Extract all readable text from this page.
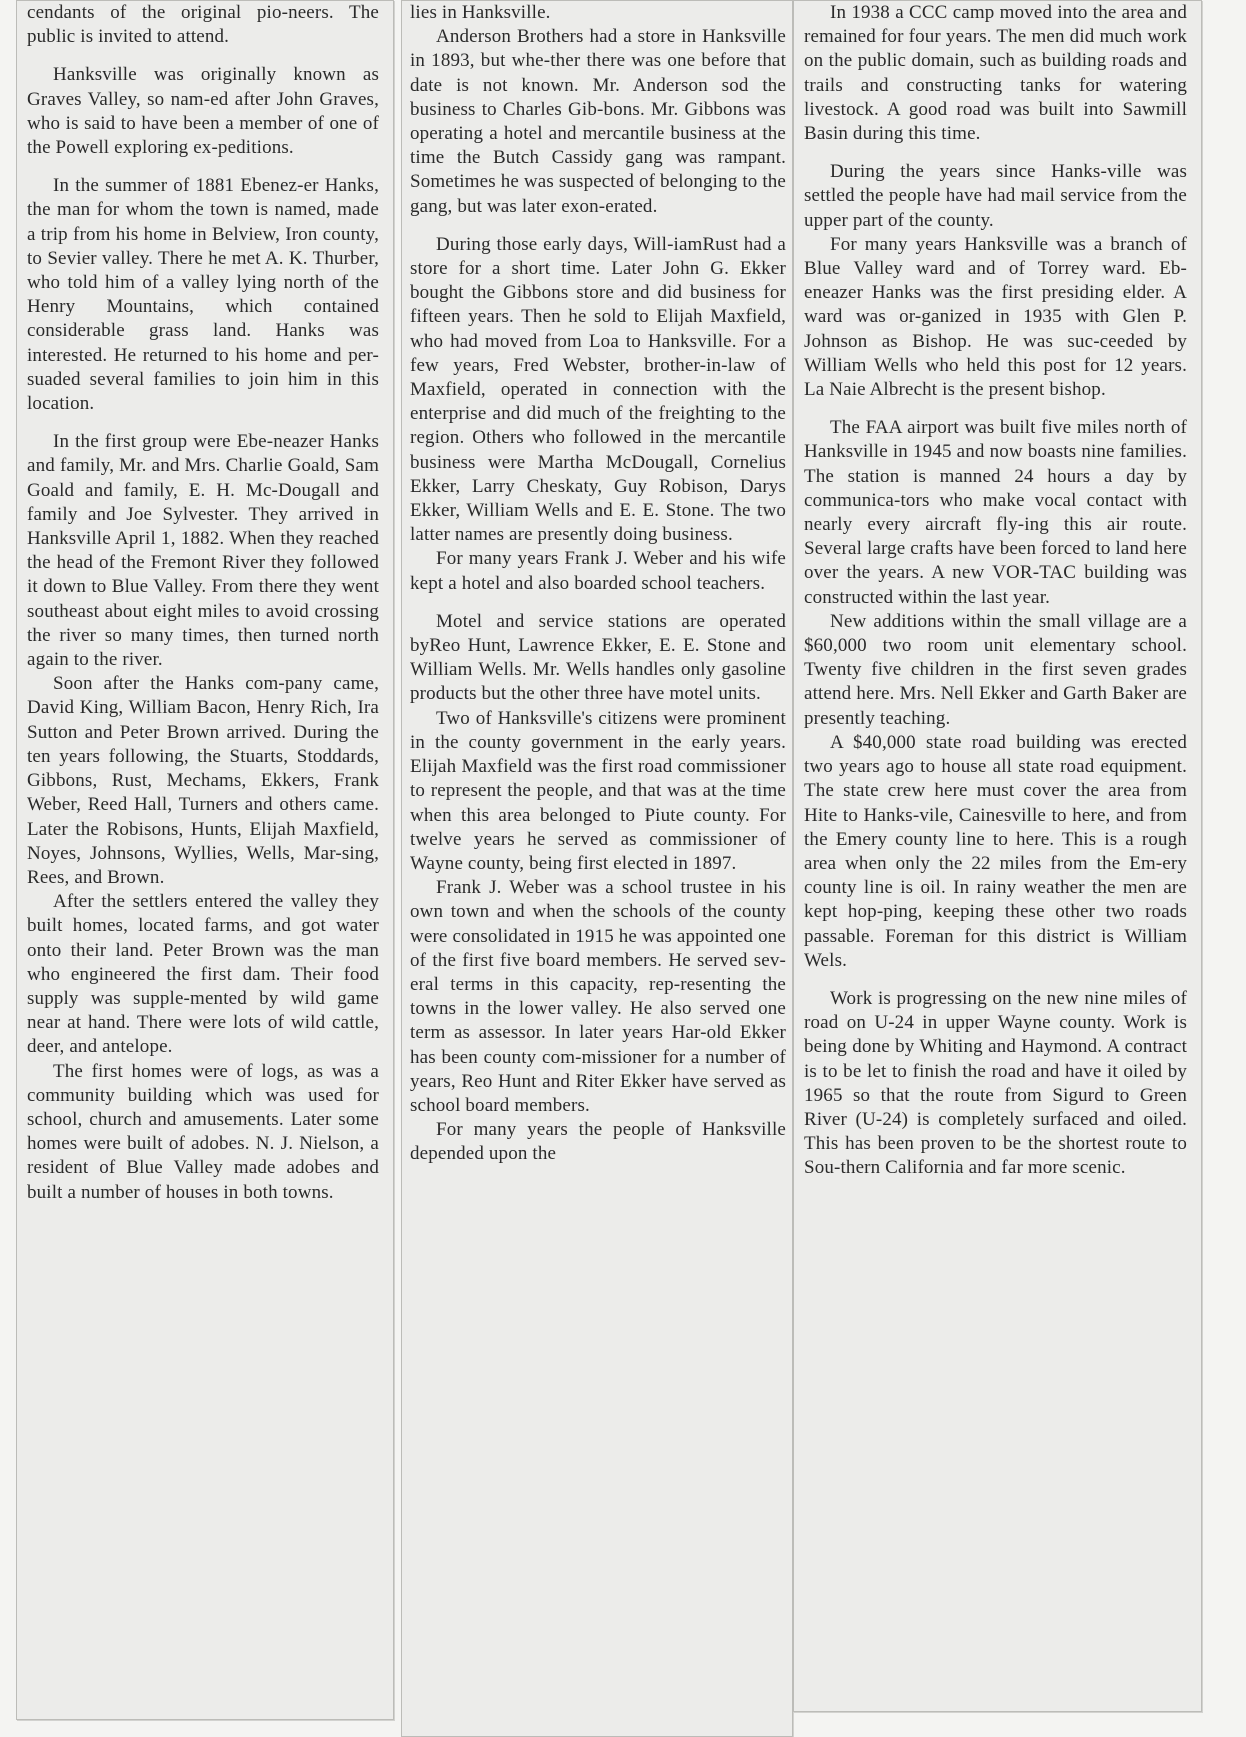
cendants of the original pio-neers. The public is invited to attend.

Hanksville was originally known as Graves Valley, so nam-ed after John Graves, who is said to have been a member of one of the Powell exploring ex-peditions.

In the summer of 1881 Ebenez-er Hanks, the man for whom the town is named, made a trip from his home in Belview, Iron county, to Sevier valley. There he met A. K. Thurber, who told him of a valley lying north of the Henry Mountains, which contained considerable grass land. Hanks was interested. He returned to his home and per-suaded several families to join him in this location.

In the first group were Ebe-neazer Hanks and family, Mr. and Mrs. Charlie Goald, Sam Goald and family, E. H. Mc-Dougall and family and Joe Sylvester. They arrived in Hanksville April 1, 1882. When they reached the head of the Fremont River they followed it down to Blue Valley. From there they went southeast about eight miles to avoid crossing the river so many times, then turned north again to the river.

Soon after the Hanks com-pany came, David King, William Bacon, Henry Rich, Ira Sutton and Peter Brown arrived. During the ten years following, the Stuarts, Stoddards, Gibbons, Rust, Mechams, Ekkers, Frank Weber, Reed Hall, Turners and others came. Later the Robisons, Hunts, Elijah Maxfield, Noyes, Johnsons, Wyllies, Wells, Mar-sing, Rees, and Brown.

After the settlers entered the valley they built homes, located farms, and got water onto their land. Peter Brown was the man who engineered the first dam. Their food supply was supple-mented by wild game near at hand. There were lots of wild cattle, deer, and antelope.

The first homes were of logs, as was a community building which was used for school, church and amusements. Later some homes were built of adobes. N. J. Nielson, a resident of Blue Valley made adobes and built a number of houses in both towns.

lies in Hanksville.

Anderson Brothers had a store in Hanksville in 1893, but whe-ther there was one before that date is not known. Mr. Anderson sod the business to Charles Gib-bons. Mr. Gibbons was operating a hotel and mercantile business at the time the Butch Cassidy gang was rampant. Sometimes he was suspected of belonging to the gang, but was later exon-erated.

During those early days, Will-iamRust had a store for a short time. Later John G. Ekker bought the Gibbons store and did business for fifteen years. Then he sold to Elijah Maxfield, who had moved from Loa to Hanksville. For a few years, Fred Webster, brother-in-law of Maxfield, operated in connection with the enterprise and did much of the freighting to the region. Others who followed in the mercantile business were Martha McDougall, Cornelius Ekker, Larry Cheskaty, Guy Robison, Darys Ekker, William Wells and E. E. Stone. The two latter names are presently doing business.

For many years Frank J. Weber and his wife kept a hotel and also boarded school teachers.

Motel and service stations are operated byReo Hunt, Lawrence Ekker, E. E. Stone and William Wells. Mr. Wells handles only gasoline products but the other three have motel units.

Two of Hanksville's citizens were prominent in the county government in the early years. Elijah Maxfield was the first road commissioner to represent the people, and that was at the time when this area belonged to Piute county. For twelve years he served as commissioner of Wayne county, being first elected in 1897.

Frank J. Weber was a school trustee in his own town and when the schools of the county were consolidated in 1915 he was appointed one of the first five board members. He served sev-eral terms in this capacity, rep-resenting the towns in the lower valley. He also served one term as assessor. In later years Har-old Ekker has been county com-missioner for a number of years, Reo Hunt and Riter Ekker have served as school board members.

For many years the people of Hanksville depended upon the

In 1938 a CCC camp moved into the area and remained for four years. The men did much work on the public domain, such as building roads and trails and constructing tanks for watering livestock. A good road was built into Sawmill Basin during this time.

During the years since Hanks-ville was settled the people have had mail service from the upper part of the county.

For many years Hanksville was a branch of Blue Valley ward and of Torrey ward. Eb-eneazer Hanks was the first presiding elder. A ward was or-ganized in 1935 with Glen P. Johnson as Bishop. He was suc-ceeded by William Wells who held this post for 12 years. La Naie Albrecht is the present bishop.

The FAA airport was built five miles north of Hanksville in 1945 and now boasts nine families. The station is manned 24 hours a day by communica-tors who make vocal contact with nearly every aircraft fly-ing this air route. Several large crafts have been forced to land here over the years. A new VOR-TAC building was constructed within the last year.

New additions within the small village are a $60,000 two room unit elementary school. Twenty five children in the first seven grades attend here. Mrs. Nell Ekker and Garth Baker are presently teaching.

A $40,000 state road building was erected two years ago to house all state road equipment. The state crew here must cover the area from Hite to Hanks-vile, Cainesville to here, and from the Emery county line to here. This is a rough area when only the 22 miles from the Em-ery county line is oil. In rainy weather the men are kept hop-ping, keeping these other two roads passable. Foreman for this district is William Wels.

Work is progressing on the new nine miles of road on U-24 in upper Wayne county. Work is being done by Whiting and Haymond. A contract is to be let to finish the road and have it oiled by 1965 so that the route from Sigurd to Green River (U-24) is completely surfaced and oiled. This has been proven to be the shortest route to Sou-thern California and far more scenic.
